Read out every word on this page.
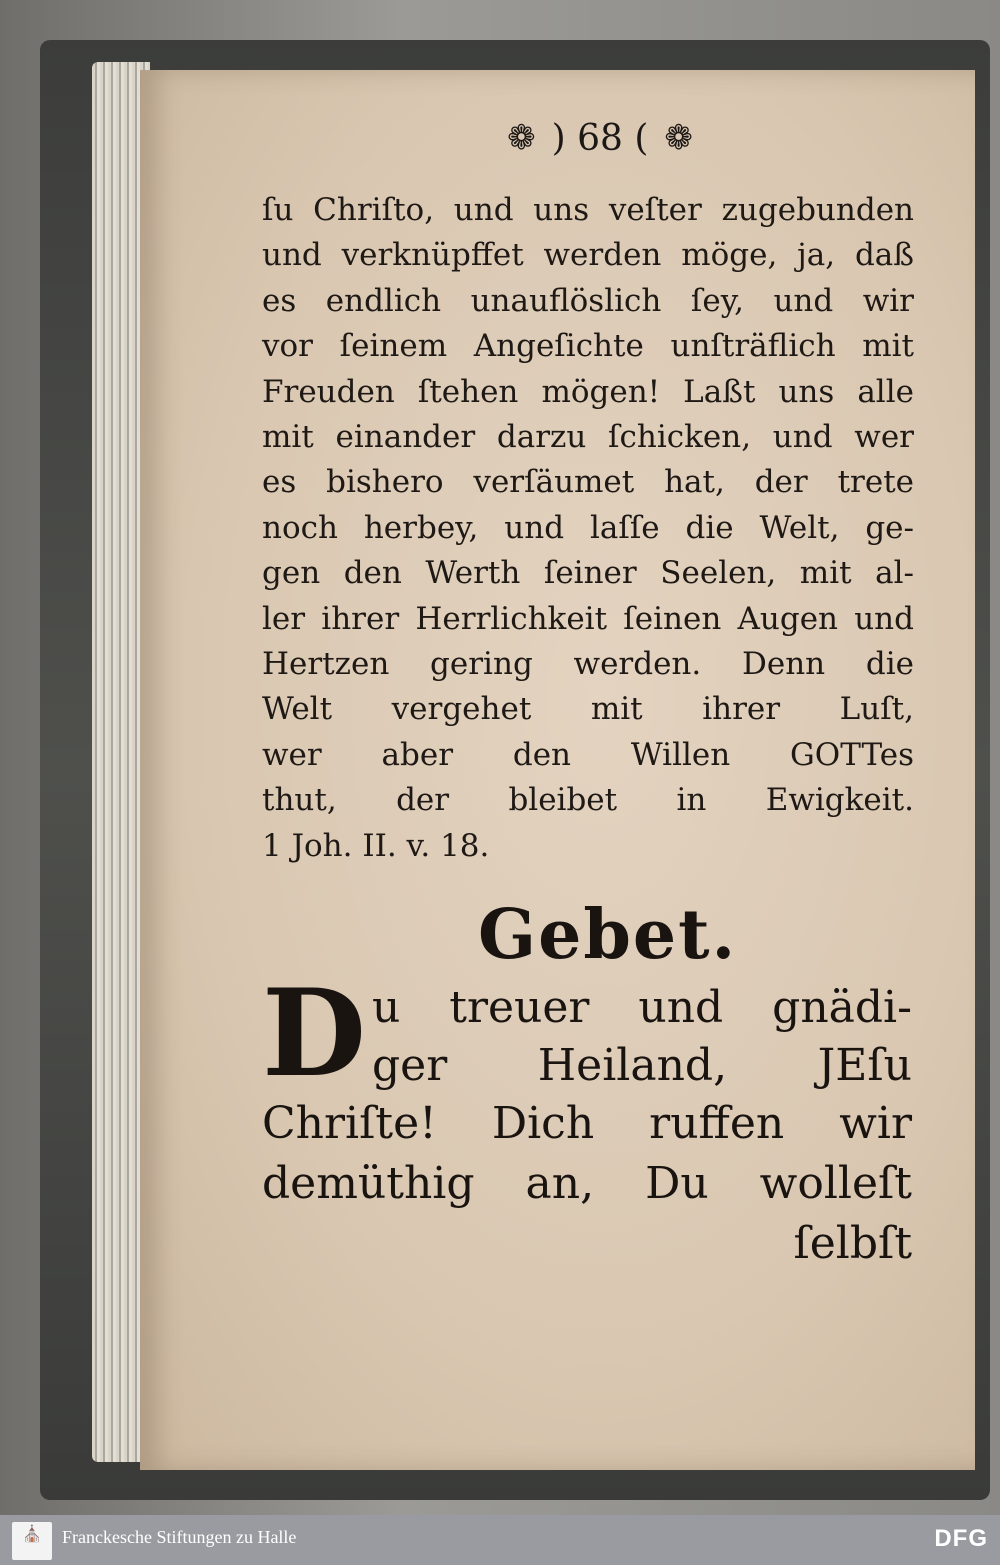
❁ ) 68 ( ❁
ſu Chriſto, und uns veſter zugebunden
und verknüpffet werden möge, ja, daß
es endlich unauflöslich ſey, und wir
vor ſeinem Angeſichte unſträflich mit
Freuden ſtehen mögen! Laßt uns alle
mit einander darzu ſchicken, und wer
es bishero verſäumet hat, der trete
noch herbey, und laſſe die Welt, ge-
gen den Werth ſeiner Seelen, mit al-
ler ihrer Herrlichkeit ſeinen Augen und
Hertzen gering werden. Denn die
Welt vergehet mit ihrer Luſt,
wer aber den Willen GOTTes
thut, der bleibet in Ewigkeit.
1 Joh. II. v. 18.
Gebet.
D u treuer und gnädi-
ger Heiland, JEſu
Chriſte! Dich ruffen wir
demüthig an, Du wolleſt
ſelbſt
⛪ Franckesche Stiftungen zu Halle	DFG
